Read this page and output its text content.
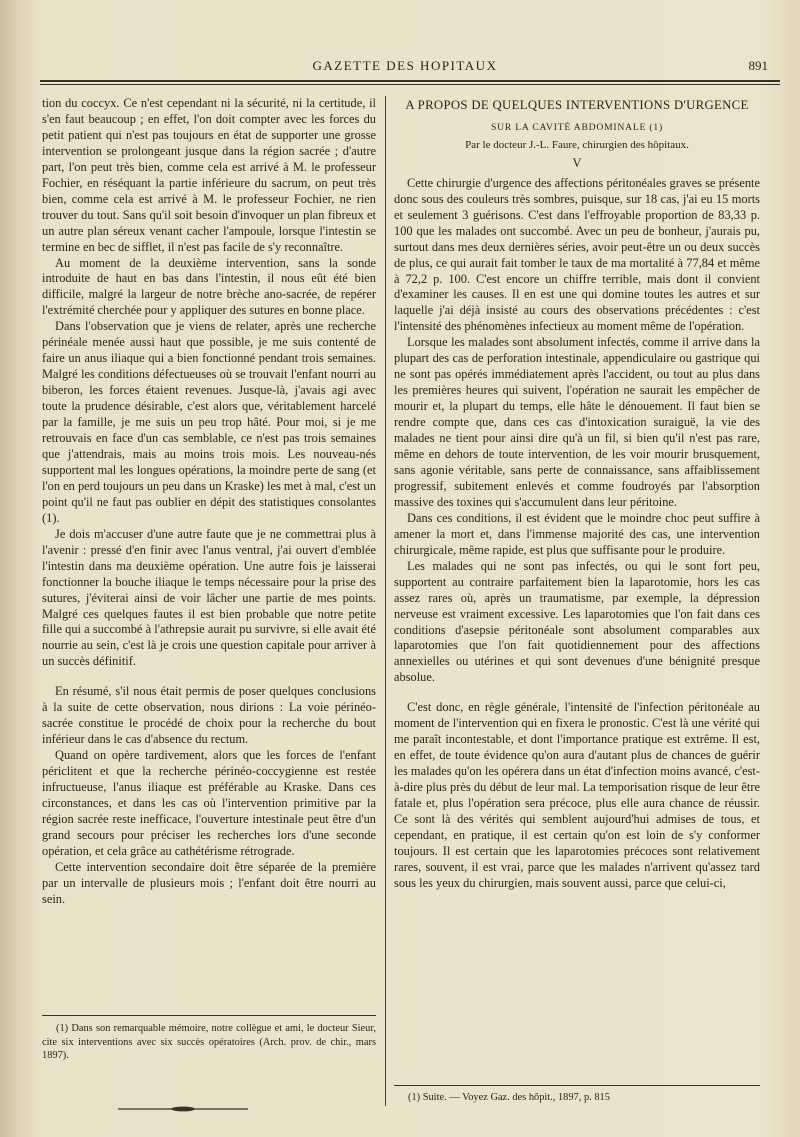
GAZETTE DES HOPITAUX	891

tion du coccyx. Ce n'est cependant ni la sécurité, ni la certitude, il s'en faut beaucoup ; en effet, l'on doit compter avec les forces du petit patient qui n'est pas toujours en état de supporter une grosse intervention se prolongeant jusque dans la région sacrée ; d'autre part, l'on peut très bien, comme cela est arrivé à M. le professeur Fochier, en réséquant la partie inférieure du sacrum, on peut très bien, comme cela est arrivé à M. le professeur Fochier, ne rien trouver du tout. Sans qu'il soit besoin d'invoquer un plan fibreux et un autre plan séreux venant cacher l'ampoule, lorsque l'intestin se termine en bec de sifflet, il n'est pas facile de s'y reconnaître.

Au moment de la deuxième intervention, sans la sonde introduite de haut en bas dans l'intestin, il nous eût été bien difficile, malgré la largeur de notre brèche ano-sacrée, de repérer l'extrémité cherchée pour y appliquer des sutures en bonne place.

Dans l'observation que je viens de relater, après une recherche périnéale menée aussi haut que possible, je me suis contenté de faire un anus iliaque qui a bien fonctionné pendant trois semaines. Malgré les conditions défectueuses où se trouvait l'enfant nourri au biberon, les forces étaient revenues. Jusque-là, j'avais agi avec toute la prudence désirable, c'est alors que, véritablement harcelé par la famille, je me suis un peu trop hâté. Pour moi, si je me retrouvais en face d'un cas semblable, ce n'est pas trois semaines que j'attendrais, mais au moins trois mois. Les nouveau-nés supportent mal les longues opérations, la moindre perte de sang (et l'on en perd toujours un peu dans un Kraske) les met à mal, c'est un point qu'il ne faut pas oublier en dépit des statistiques consolantes (1).

Je dois m'accuser d'une autre faute que je ne commettrai plus à l'avenir : pressé d'en finir avec l'anus ventral, j'ai ouvert d'emblée l'intestin dans ma deuxième opération. Une autre fois je laisserai fonctionner la bouche iliaque le temps nécessaire pour la prise des sutures, j'éviterai ainsi de voir lâcher une partie de mes points. Malgré ces quelques fautes il est bien probable que notre petite fille qui a succombé à l'athrepsie aurait pu survivre, si elle avait été nourrie au sein, c'est là je crois une question capitale pour arriver à un succès définitif.

En résumé, s'il nous était permis de poser quelques conclusions à la suite de cette observation, nous dirions : La voie périnéo-sacrée constitue le procédé de choix pour la recherche du bout inférieur dans le cas d'absence du rectum.

Quand on opère tardivement, alors que les forces de l'enfant périclitent et que la recherche périnéo-coccygienne est restée infructueuse, l'anus iliaque est préférable au Kraske. Dans ces circonstances, et dans les cas où l'intervention primitive par la région sacrée reste inefficace, l'ouverture intestinale peut être d'un grand secours pour préciser les recherches lors d'une seconde opération, et cela grâce au cathétérisme rétrograde.

Cette intervention secondaire doit être séparée de la première par un intervalle de plusieurs mois ; l'enfant doit être nourri au sein.

(1) Dans son remarquable mémoire, notre collègue et ami, le docteur Sieur, cite six interventions avec six succès opératoires (Arch. prov. de chir., mars 1897).

A PROPOS DE QUELQUES INTERVENTIONS D'URGENCE
SUR LA CAVITÉ ABDOMINALE (1)
Par le docteur J.-L. Faure, chirurgien des hôpitaux.
V

Cette chirurgie d'urgence des affections péritonéales graves se présente donc sous des couleurs très sombres, puisque, sur 18 cas, j'ai eu 15 morts et seulement 3 guérisons. C'est dans l'effroyable proportion de 83,33 p. 100 que les malades ont succombé. Avec un peu de bonheur, j'aurais pu, surtout dans mes deux dernières séries, avoir peut-être un ou deux succès de plus, ce qui aurait fait tomber le taux de ma mortalité à 77,84 et même à 72,2 p. 100. C'est encore un chiffre terrible, mais dont il convient d'examiner les causes. Il en est une qui domine toutes les autres et sur laquelle j'ai déjà insisté au cours des observations précédentes : c'est l'intensité des phénomènes infectieux au moment même de l'opération.

Lorsque les malades sont absolument infectés, comme il arrive dans la plupart des cas de perforation intestinale, appendiculaire ou gastrique qui ne sont pas opérés immédiatement après l'accident, ou tout au plus dans les premières heures qui suivent, l'opération ne saurait les empêcher de mourir et, la plupart du temps, elle hâte le dénouement. Il faut bien se rendre compte que, dans ces cas d'intoxication suraiguë, la vie des malades ne tient pour ainsi dire qu'à un fil, si bien qu'il n'est pas rare, même en dehors de toute intervention, de les voir mourir brusquement, sans agonie véritable, sans perte de connaissance, sans affaiblissement progressif, subitement enlevés et comme foudroyés par l'absorption massive des toxines qui s'accumulent dans leur péritoine.

Dans ces conditions, il est évident que le moindre choc peut suffire à amener la mort et, dans l'immense majorité des cas, une intervention chirurgicale, même rapide, est plus que suffisante pour le produire.

Les malades qui ne sont pas infectés, ou qui le sont fort peu, supportent au contraire parfaitement bien la laparotomie, hors les cas assez rares où, après un traumatisme, par exemple, la dépression nerveuse est vraiment excessive. Les laparotomies que l'on fait dans ces conditions d'asepsie péritonéale sont absolument comparables aux laparotomies que l'on fait quotidiennement pour des affections annexielles ou utérines et qui sont devenues d'une bénignité presque absolue.

C'est donc, en règle générale, l'intensité de l'infection péritonéale au moment de l'intervention qui en fixera le pronostic. C'est là une vérité qui me paraît incontestable, et dont l'importance pratique est extrême. Il est, en effet, de toute évidence qu'on aura d'autant plus de chances de guérir les malades qu'on les opérera dans un état d'infection moins avancé, c'est-à-dire plus près du début de leur mal. La temporisation risque de leur être fatale et, plus l'opération sera précoce, plus elle aura chance de réussir. Ce sont là des vérités qui semblent aujourd'hui admises de tous, et cependant, en pratique, il est certain qu'on est loin de s'y conformer toujours. Il est certain que les laparotomies précoces sont relativement rares, souvent, il est vrai, parce que les malades n'arrivent qu'assez tard sous les yeux du chirurgien, mais souvent aussi, parce que celui-ci,

(1) Suite. — Voyez Gaz. des hôpit., 1897, p. 815
